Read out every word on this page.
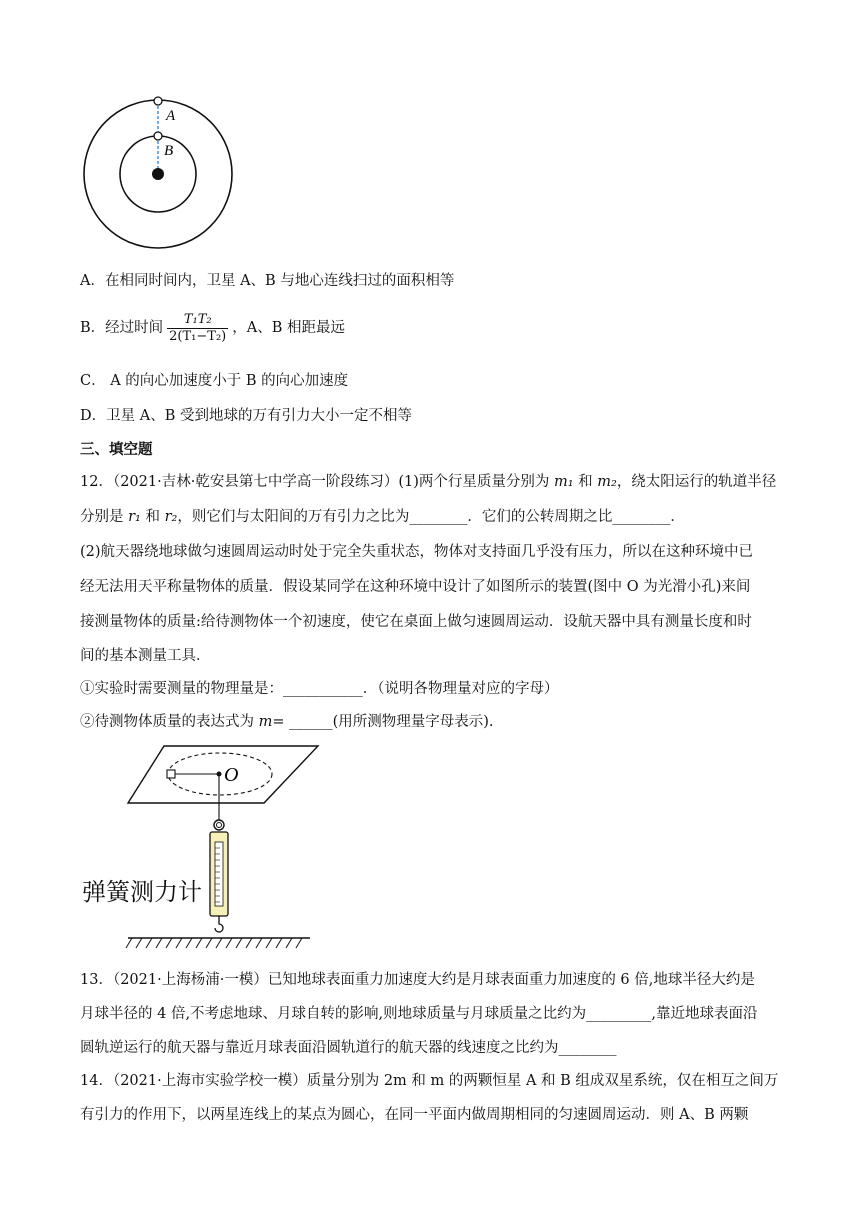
A
B
A．在相同时间内，卫星 A、B 与地心连线扫过的面积相等
B．经过时间 $\frac{\text{T₁T₂}}{\text{2(T₁−T₂)}}$ ，A、B 相距最远
C． A 的向心加速度小于 B 的向心加速度
D．卫星 A、B 受到地球的万有引力大小一定不相等
三、填空题
12．（2021·吉林·乾安县第七中学高一阶段练习）(1)两个行星质量分别为 m₁ 和 m₂，绕太阳运行的轨道半径
分别是 r₁ 和 r₂，则它们与太阳间的万有引力之比为________．它们的公转周期之比________．
(2)航天器绕地球做匀速圆周运动时处于完全失重状态，物体对支持面几乎没有压力，所以在这种环境中已
经无法用天平称量物体的质量．假设某同学在这种环境中设计了如图所示的装置(图中 O 为光滑小孔)来间
接测量物体的质量:给待测物体一个初速度，使它在桌面上做匀速圆周运动．设航天器中具有测量长度和时
间的基本测量工具．
①实验时需要测量的物理量是：___________．（说明各物理量对应的字母）
②待测物体质量的表达式为 m= ______(用所测物理量字母表示).
O
弹簧测力计
13．（2021·上海杨浦·一模）已知地球表面重力加速度大约是月球表面重力加速度的 6 倍,地球半径大约是
月球半径的 4 倍,不考虑地球、月球自转的影响,则地球质量与月球质量之比约为_________,靠近地球表面沿
圆轨逆运行的航天器与靠近月球表面沿圆轨道行的航天器的线速度之比约为________
14．（2021·上海市实验学校一模）质量分别为 2m 和 m 的两颗恒星 A 和 B 组成双星系统，仅在相互之间万
有引力的作用下，以两星连线上的某点为圆心，在同一平面内做周期相同的匀速圆周运动．则 A、B 两颗
